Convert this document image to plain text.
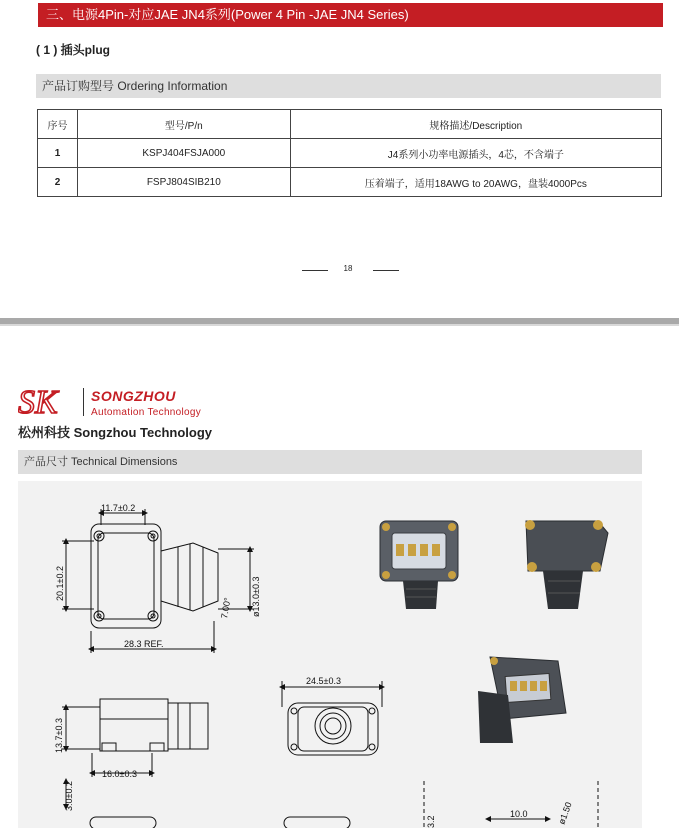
三、电源4Pin-对应JAE JN4系列(Power 4 Pin -JAE JN4 Series)
( 1 ) 插头plug
产品订购型号 Ordering Information
序号	型号/P/n	规格描述/Description
1	KSPJ404FSJA000	J4系列小功率电源插头，4芯，不含端子
2	FSPJ804SIB210	压着端子，适用18AWG to 20AWG，盘装4000Pcs
18
SK SONGZHOU
Automation Technology
松州科技 Songzhou Technology
产品尺寸 Technical Dimensions
11.7±0.2
20.1±0.2	ø13.0±0.3
7.00°
28.3 REF.
13.7±0.3
16.0±0.3
3.0±0.2
24.5±0.3
10.0	ø1.50
3.2
